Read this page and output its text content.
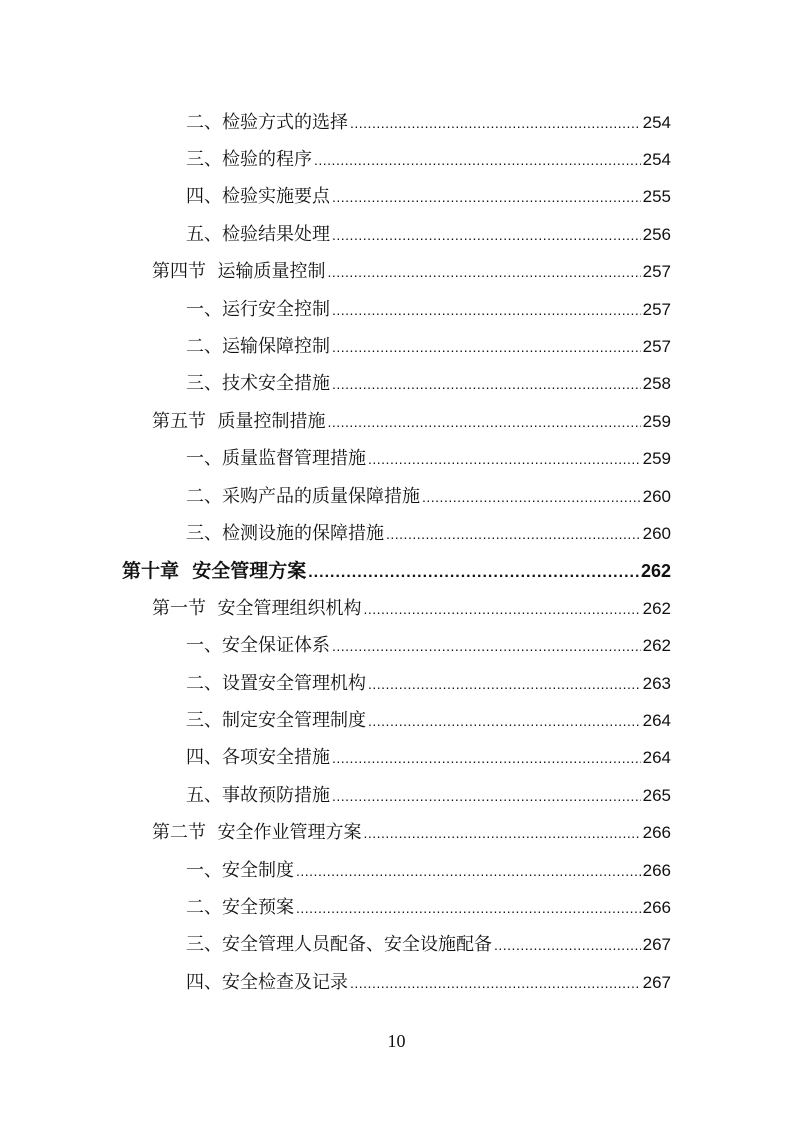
二、检验方式的选择 .....	254
三、检验的程序 .....	254
四、检验实施要点 .....	255
五、检验结果处理 .....	256
第四节  运输质量控制 .....	257
一、运行安全控制 .....	257
二、运输保障控制 .....	257
三、技术安全措施 .....	258
第五节  质量控制措施 .....	259
一、质量监督管理措施 .....	259
二、采购产品的质量保障措施 .....	260
三、检测设施的保障措施 .....	260
第十章  安全管理方案 .....	262
第一节  安全管理组织机构 .....	262
一、安全保证体系 .....	262
二、设置安全管理机构 .....	263
三、制定安全管理制度 .....	264
四、各项安全措施 .....	264
五、事故预防措施 .....	265
第二节  安全作业管理方案 .....	266
一、安全制度 .....	266
二、安全预案 .....	266
三、安全管理人员配备、安全设施配备 .....	267
四、安全检查及记录 .....	267
10
